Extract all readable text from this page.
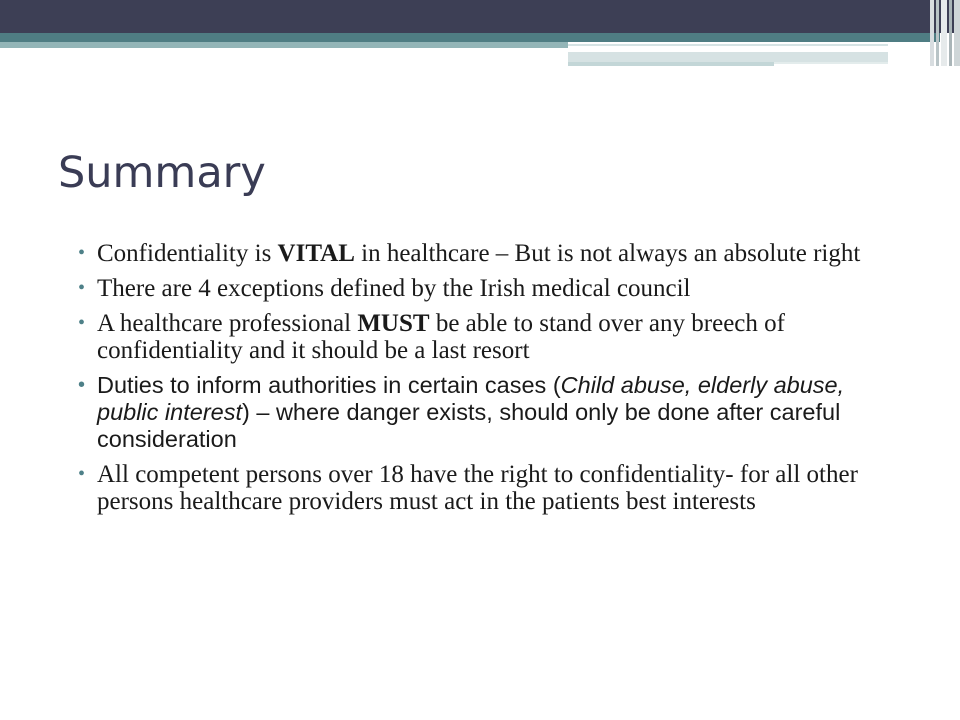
Summary
• Confidentiality is VITAL in healthcare – But is not always an absolute right
• There are 4 exceptions defined by the Irish medical council
• A healthcare professional MUST be able to stand over any breech of confidentiality and it should be a last resort
• Duties to inform authorities in certain cases (Child abuse, elderly abuse, public interest) – where danger exists, should only be done after careful consideration
• All competent persons over 18 have the right to confidentiality- for all other persons healthcare providers must act in the patients best interests
